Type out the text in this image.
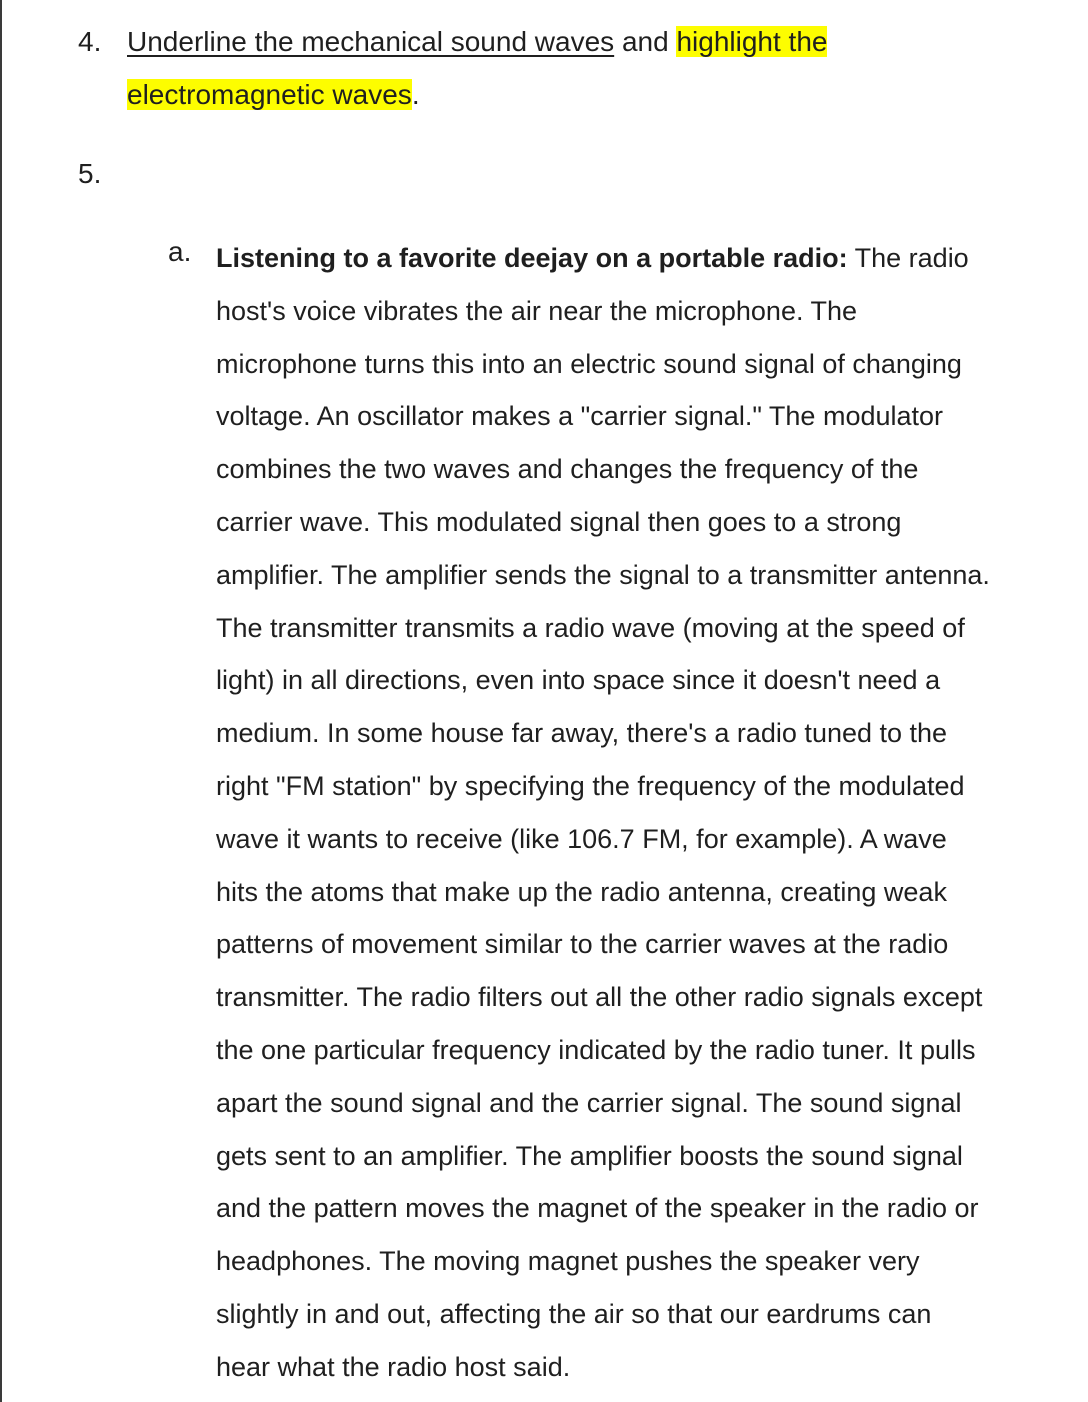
4. Underline the mechanical sound waves and highlight the
electromagnetic waves.
5.
a. Listening to a favorite deejay on a portable radio: The radio
host's voice vibrates the air near the microphone. The
microphone turns this into an electric sound signal of changing
voltage. An oscillator makes a "carrier signal." The modulator
combines the two waves and changes the frequency of the
carrier wave. This modulated signal then goes to a strong
amplifier. The amplifier sends the signal to a transmitter antenna.
The transmitter transmits a radio wave (moving at the speed of
light) in all directions, even into space since it doesn't need a
medium. In some house far away, there's a radio tuned to the
right "FM station" by specifying the frequency of the modulated
wave it wants to receive (like 106.7 FM, for example). A wave
hits the atoms that make up the radio antenna, creating weak
patterns of movement similar to the carrier waves at the radio
transmitter. The radio filters out all the other radio signals except
the one particular frequency indicated by the radio tuner. It pulls
apart the sound signal and the carrier signal. The sound signal
gets sent to an amplifier. The amplifier boosts the sound signal
and the pattern moves the magnet of the speaker in the radio or
headphones. The moving magnet pushes the speaker very
slightly in and out, affecting the air so that our eardrums can
hear what the radio host said.
